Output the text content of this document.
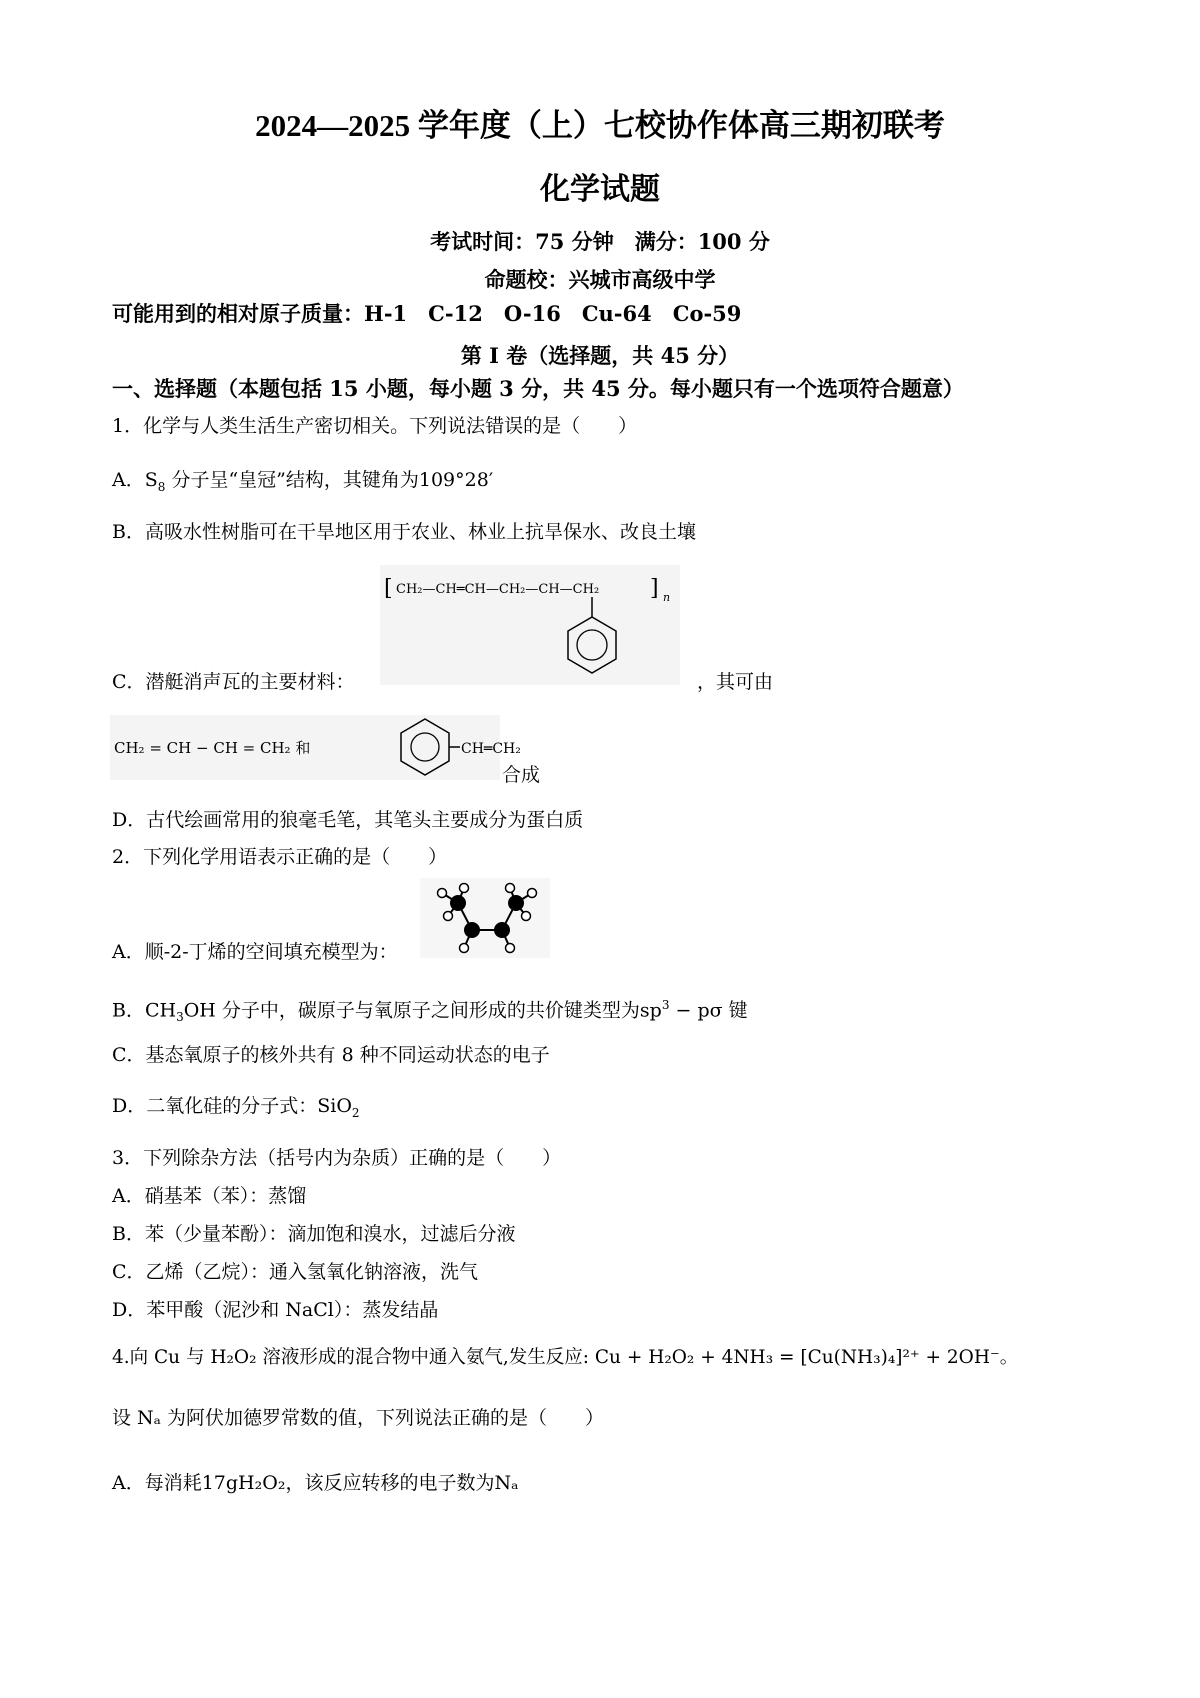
2024—2025 学年度（上）七校协作体高三期初联考
化学试题
考试时间：75 分钟　满分：100 分
命题校：兴城市高级中学
可能用到的相对原子质量：H-1　C-12　O-16　Cu-64　Co-59
第 I 卷（选择题，共 45 分）
一、选择题（本题包括 15 小题，每小题 3 分，共 45 分。每小题只有一个选项符合题意）
1．化学与人类生活生产密切相关。下列说法错误的是（　　）
A．$S_8$ 分子呈“皇冠”结构，其键角为109°28′
B．高吸水性树脂可在干旱地区用于农业、林业上抗旱保水、改良土壤
[ CH₂—CH═CH—CH₂—CH—CH₂ ] n
C．潜艇消声瓦的主要材料：	，其可由
CH₂ = CH − CH = CH₂ 和	CH═CH₂
合成
D．古代绘画常用的狼毫毛笔，其笔头主要成分为蛋白质
2．下列化学用语表示正确的是（　　）
A．顺-2-丁烯的空间填充模型为：
B．$CH_3OH$ 分子中，碳原子与氧原子之间形成的共价键类型为$sp^3 - p\sigma$ 键
C．基态氧原子的核外共有 8 种不同运动状态的电子
D．二氧化硅的分子式：SiO$_2$
3．下列除杂方法（括号内为杂质）正确的是（　　）
A．硝基苯（苯）：蒸馏
B．苯（少量苯酚）：滴加饱和溴水，过滤后分液
C．乙烯（乙烷）：通入氢氧化钠溶液，洗气
D．苯甲酸（泥沙和 NaCl）：蒸发结晶
4.向 Cu 与 H₂O₂ 溶液形成的混合物中通入氨气,发生反应: Cu + H₂O₂ + 4NH₃ = [Cu(NH₃)₄]²⁺ + 2OH⁻。
设 Nₐ 为阿伏加德罗常数的值，下列说法正确的是（　　）
A．每消耗17gH₂O₂，该反应转移的电子数为Nₐ
